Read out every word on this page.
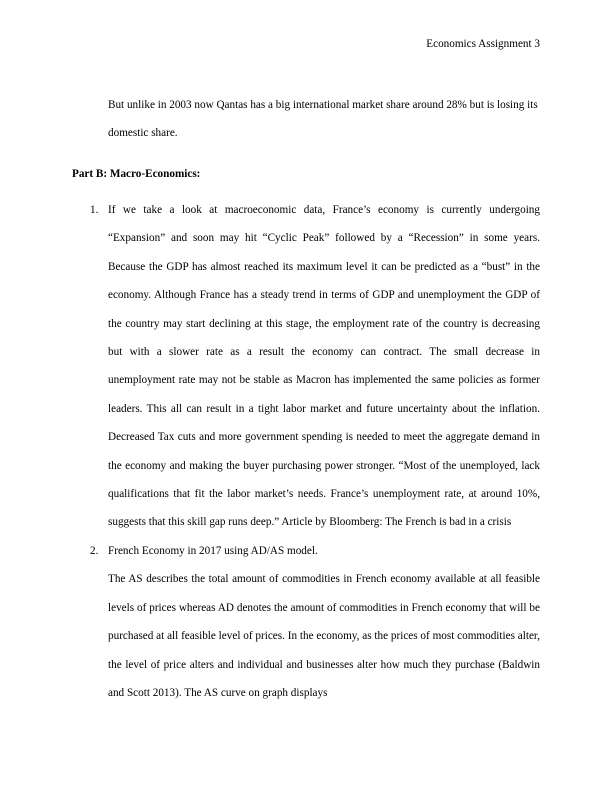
Economics Assignment 3

But unlike in 2003 now Qantas has a big international market share around 28% but is losing its domestic share.

Part B: Macro-Economics:
1. If we take a look at macroeconomic data, France’s economy is currently undergoing “Expansion” and soon may hit “Cyclic Peak” followed by a “Recession” in some years. Because the GDP has almost reached its maximum level it can be predicted as a “bust” in the economy. Although France has a steady trend in terms of GDP and unemployment the GDP of the country may start declining at this stage, the employment rate of the country is decreasing but with a slower rate as a result the economy can contract. The small decrease in unemployment rate may not be stable as Macron has implemented the same policies as former leaders. This all can result in a tight labor market and future uncertainty about the inflation. Decreased Tax cuts and more government spending is needed to meet the aggregate demand in the economy and making the buyer purchasing power stronger. “Most of the unemployed, lack qualifications that fit the labor market’s needs. France’s unemployment rate, at around 10%, suggests that this skill gap runs deep.” Article by Bloomberg: The French is bad in a crisis

2. French Economy in 2017 using AD/AS model.

The AS describes the total amount of commodities in French economy available at all feasible levels of prices whereas AD denotes the amount of commodities in French economy that will be purchased at all feasible level of prices. In the economy, as the prices of most commodities alter, the level of price alters and individual and businesses alter how much they purchase (Baldwin and Scott 2013). The AS curve on graph displays
